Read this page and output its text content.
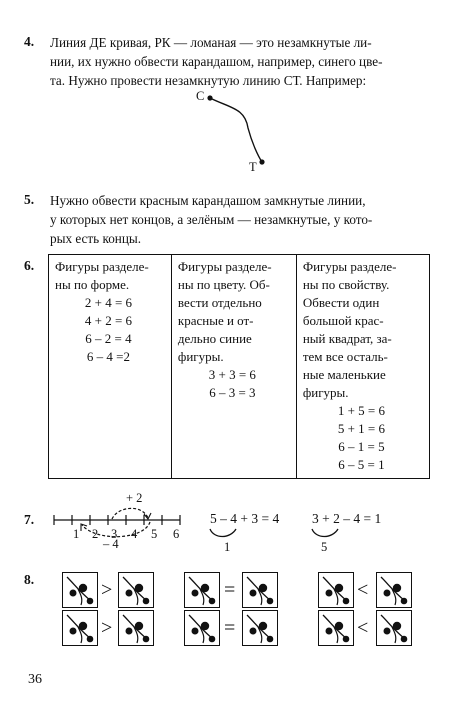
4. Линия ДЕ кривая, РК — ломаная — это незамкнутые ли-
нии, их нужно обвести карандашом, например, синего цве-
та. Нужно провести незамкнутую линию СТ. Например:
С
Т
5. Нужно обвести красным карандашом замкнутые линии,
у которых нет концов, а зелёным — незамкнутые, у кото-
рых есть концы.
6. Фигуры разделе-
ны по форме.
2 + 4 = 6
4 + 2 = 6
6 – 2 = 4
6 – 4 =2

Фигуры разделе-
ны по цвету. Об-
вести отдельно
красные и от-
дельно синие
фигуры.
3 + 3 = 6
6 – 3 = 3

Фигуры разделе-
ны по свойству.
Обвести один
большой крас-
ный квадрат, за-
тем все осталь-
ные маленькие
фигуры.
1 + 5 = 6
5 + 1 = 6
6 – 1 = 5
6 – 5 = 1
7.
+ 2
– 4
1 2 3 4 5 6
5 – 4 + 3 = 4
1
3 + 2 – 4 = 1
5
8.	>
>
=
=
<
<
36
